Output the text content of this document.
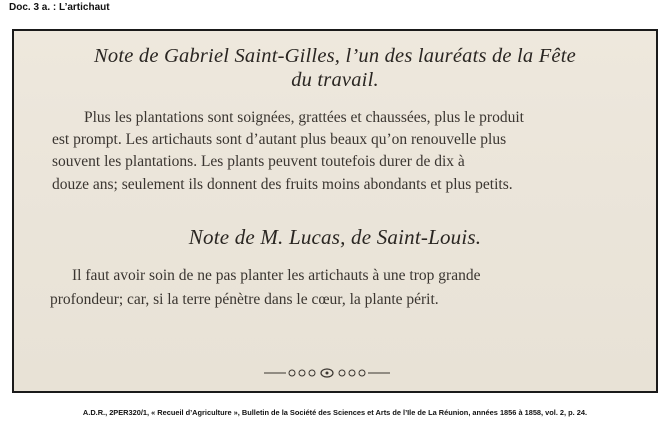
Doc. 3 a. : L’artichaut
Note de Gabriel Saint-Gilles, l’un des lauréats de la Fête
du travail.
Plus les plantations sont soignées, grattées et chaussées, plus le produit
est prompt. Les artichauts sont d’autant plus beaux qu’on renouvelle plus
souvent les plantations. Les plants peuvent toutefois durer de dix à
douze ans; seulement ils donnent des fruits moins abondants et plus petits.
Note de M. Lucas, de Saint-Louis.
Il faut avoir soin de ne pas planter les artichauts à une trop grande
profondeur; car, si la terre pénètre dans le cœur, la plante périt.
A.D.R., 2PER320/1, « Recueil d’Agriculture », Bulletin de la Société des Sciences et Arts de l’Ile de La Réunion, années 1856 à 1858, vol. 2, p. 24.
